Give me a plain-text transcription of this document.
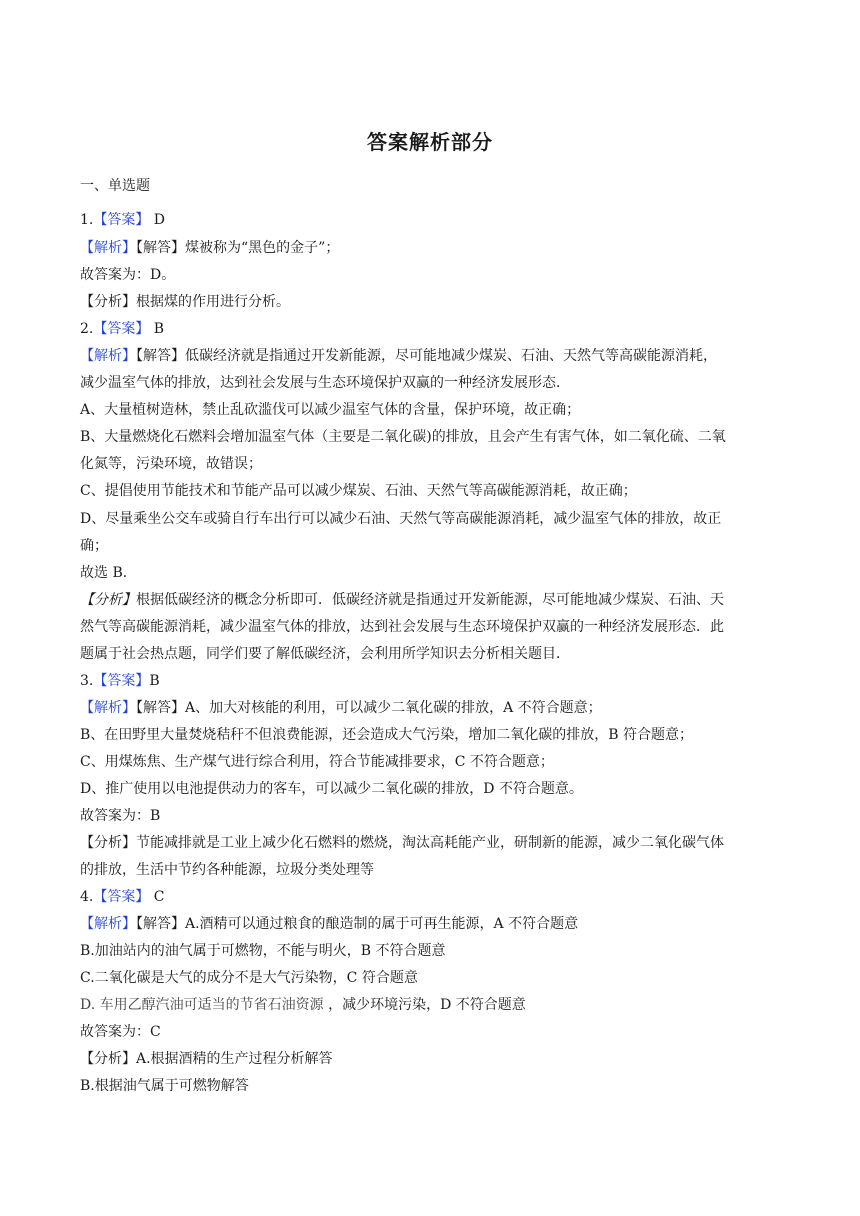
答案解析部分
一、单选题
1.【答案】 D
【解析】【解答】煤被称为“黑色的金子”；
故答案为：D。
【分析】根据煤的作用进行分析。
2.【答案】 B
【解析】【解答】低碳经济就是指通过开发新能源，尽可能地减少煤炭、石油、天然气等高碳能源消耗，
减少温室气体的排放，达到社会发展与生态环境保护双赢的一种经济发展形态．
A、大量植树造林，禁止乱砍滥伐可以减少温室气体的含量，保护环境，故正确；
B、大量燃烧化石燃料会增加温室气体（主要是二氧化碳)的排放，且会产生有害气体，如二氧化硫、二氧
化氮等，污染环境，故错误；
C、提倡使用节能技术和节能产品可以减少煤炭、石油、天然气等高碳能源消耗，故正确；
D、尽量乘坐公交车或骑自行车出行可以减少石油、天然气等高碳能源消耗，减少温室气体的排放，故正
确；
故选 B．
【分析】根据低碳经济的概念分析即可．低碳经济就是指通过开发新能源，尽可能地减少煤炭、石油、天
然气等高碳能源消耗，减少温室气体的排放，达到社会发展与生态环境保护双赢的一种经济发展形态．此
题属于社会热点题，同学们要了解低碳经济，会利用所学知识去分析相关题目．
3.【答案】B
【解析】【解答】A、加大对核能的利用，可以减少二氧化碳的排放，A 不符合题意；
B、在田野里大量焚烧秸秆不但浪费能源，还会造成大气污染，增加二氧化碳的排放，B 符合题意；
C、用煤炼焦、生产煤气进行综合利用，符合节能减排要求，C 不符合题意；
D、推广使用以电池提供动力的客车，可以减少二氧化碳的排放，D 不符合题意。
故答案为：B
【分析】节能减排就是工业上减少化石燃料的燃烧，淘汰高耗能产业，研制新的能源，减少二氧化碳气体
的排放，生活中节约各种能源，垃圾分类处理等
4.【答案】 C
【解析】【解答】A.酒精可以通过粮食的酿造制的属于可再生能源，A 不符合题意
B.加油站内的油气属于可燃物，不能与明火，B 不符合题意
C.二氧化碳是大气的成分不是大气污染物，C 符合题意
D. 车用乙醇汽油可适当的节省石油资源 ，减少环境污染，D 不符合题意
故答案为：C
【分析】A.根据酒精的生产过程分析解答
B.根据油气属于可燃物解答
